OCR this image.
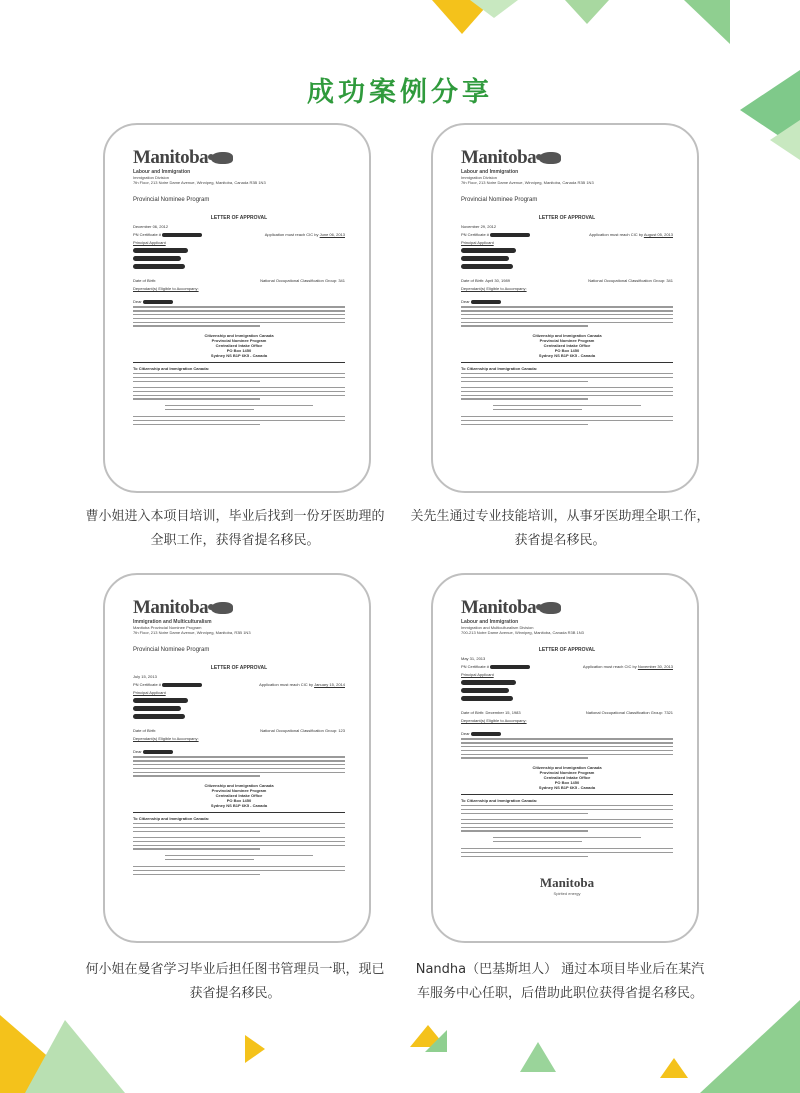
成功案例分享
Manitoba
Labour and Immigration
Immigration Division
7th Floor, 213 Notre Dame Avenue, Winnipeg, Manitoba, Canada R3B 1N3
Provincial Nominee Program
LETTER OF APPROVAL
December 06, 2012
PN Certificate #	Application must reach CIC by June 06, 2013
Principal Applicant
Date of Birth:	National Occupational Classification Group: 341
Dependant(s) Eligible to Accompany:
Dear
Citizenship and Immigration Canada
Provincial Nominee Program
Centralized Intake Office
PO Box 1450
Sydney NS B1P 6K5 - Canada
To Citizenship and Immigration Canada:
Manitoba
Labour and Immigration
Immigration Division
7th Floor, 213 Notre Dame Avenue, Winnipeg, Manitoba, Canada R3B 1N3
Provincial Nominee Program
LETTER OF APPROVAL
November 29, 2012
PN Certificate #	Application must reach CIC by August 05, 2013
Principal Applicant
Date of Birth: April 30, 1989	National Occupational Classification Group: 341
Dependant(s) Eligible to Accompany:
Dear
Citizenship and Immigration Canada
Provincial Nominee Program
Centralized Intake Office
PO Box 1450
Sydney NS B1P 6K5 - Canada
To Citizenship and Immigration Canada:
Manitoba
Immigration and Multiculturalism
Manitoba Provincial Nominee Program
7th Floor, 213 Notre Dame Avenue, Winnipeg, Manitoba, R3B 1N3
Provincial Nominee Program
LETTER OF APPROVAL
July 15, 2013
PN Certificate #	Application must reach CIC by January 15, 2014
Principal Applicant
Date of Birth:	National Occupational Classification Group: 123
Dependant(s) Eligible to Accompany:
Dear
Citizenship and Immigration Canada
Provincial Nominee Program
Centralized Intake Office
PO Box 1450
Sydney NS B1P 6K5 - Canada
To Citizenship and Immigration Canada:
Manitoba
Labour and Immigration
Immigration and Multiculturalism Division
700-213 Notre Dame Avenue, Winnipeg, Manitoba, Canada R3B 1N3
LETTER OF APPROVAL
May 31, 2013
PN Certificate #	Application must reach CIC by November 30, 2013
Principal Applicant
Date of Birth: December 15, 1983	National Occupational Classification Group: 7321
Dependant(s) Eligible to Accompany:
Dear
Citizenship and Immigration Canada
Provincial Nominee Program
Centralized Intake Office
PO Box 1450
Sydney NS B1P 6K5 - Canada
To Citizenship and Immigration Canada:
Manitoba
Spirited energy
曹小姐进入本项目培训，毕业后找到一份牙医助理的全职工作，获得省提名移民。
关先生通过专业技能培训，从事牙医助理全职工作，获省提名移民。
何小姐在曼省学习毕业后担任图书管理员一职，现已获省提名移民。
Nandha（巴基斯坦人） 通过本项目毕业后在某汽车服务中心任职，后借助此职位获得省提名移民。
